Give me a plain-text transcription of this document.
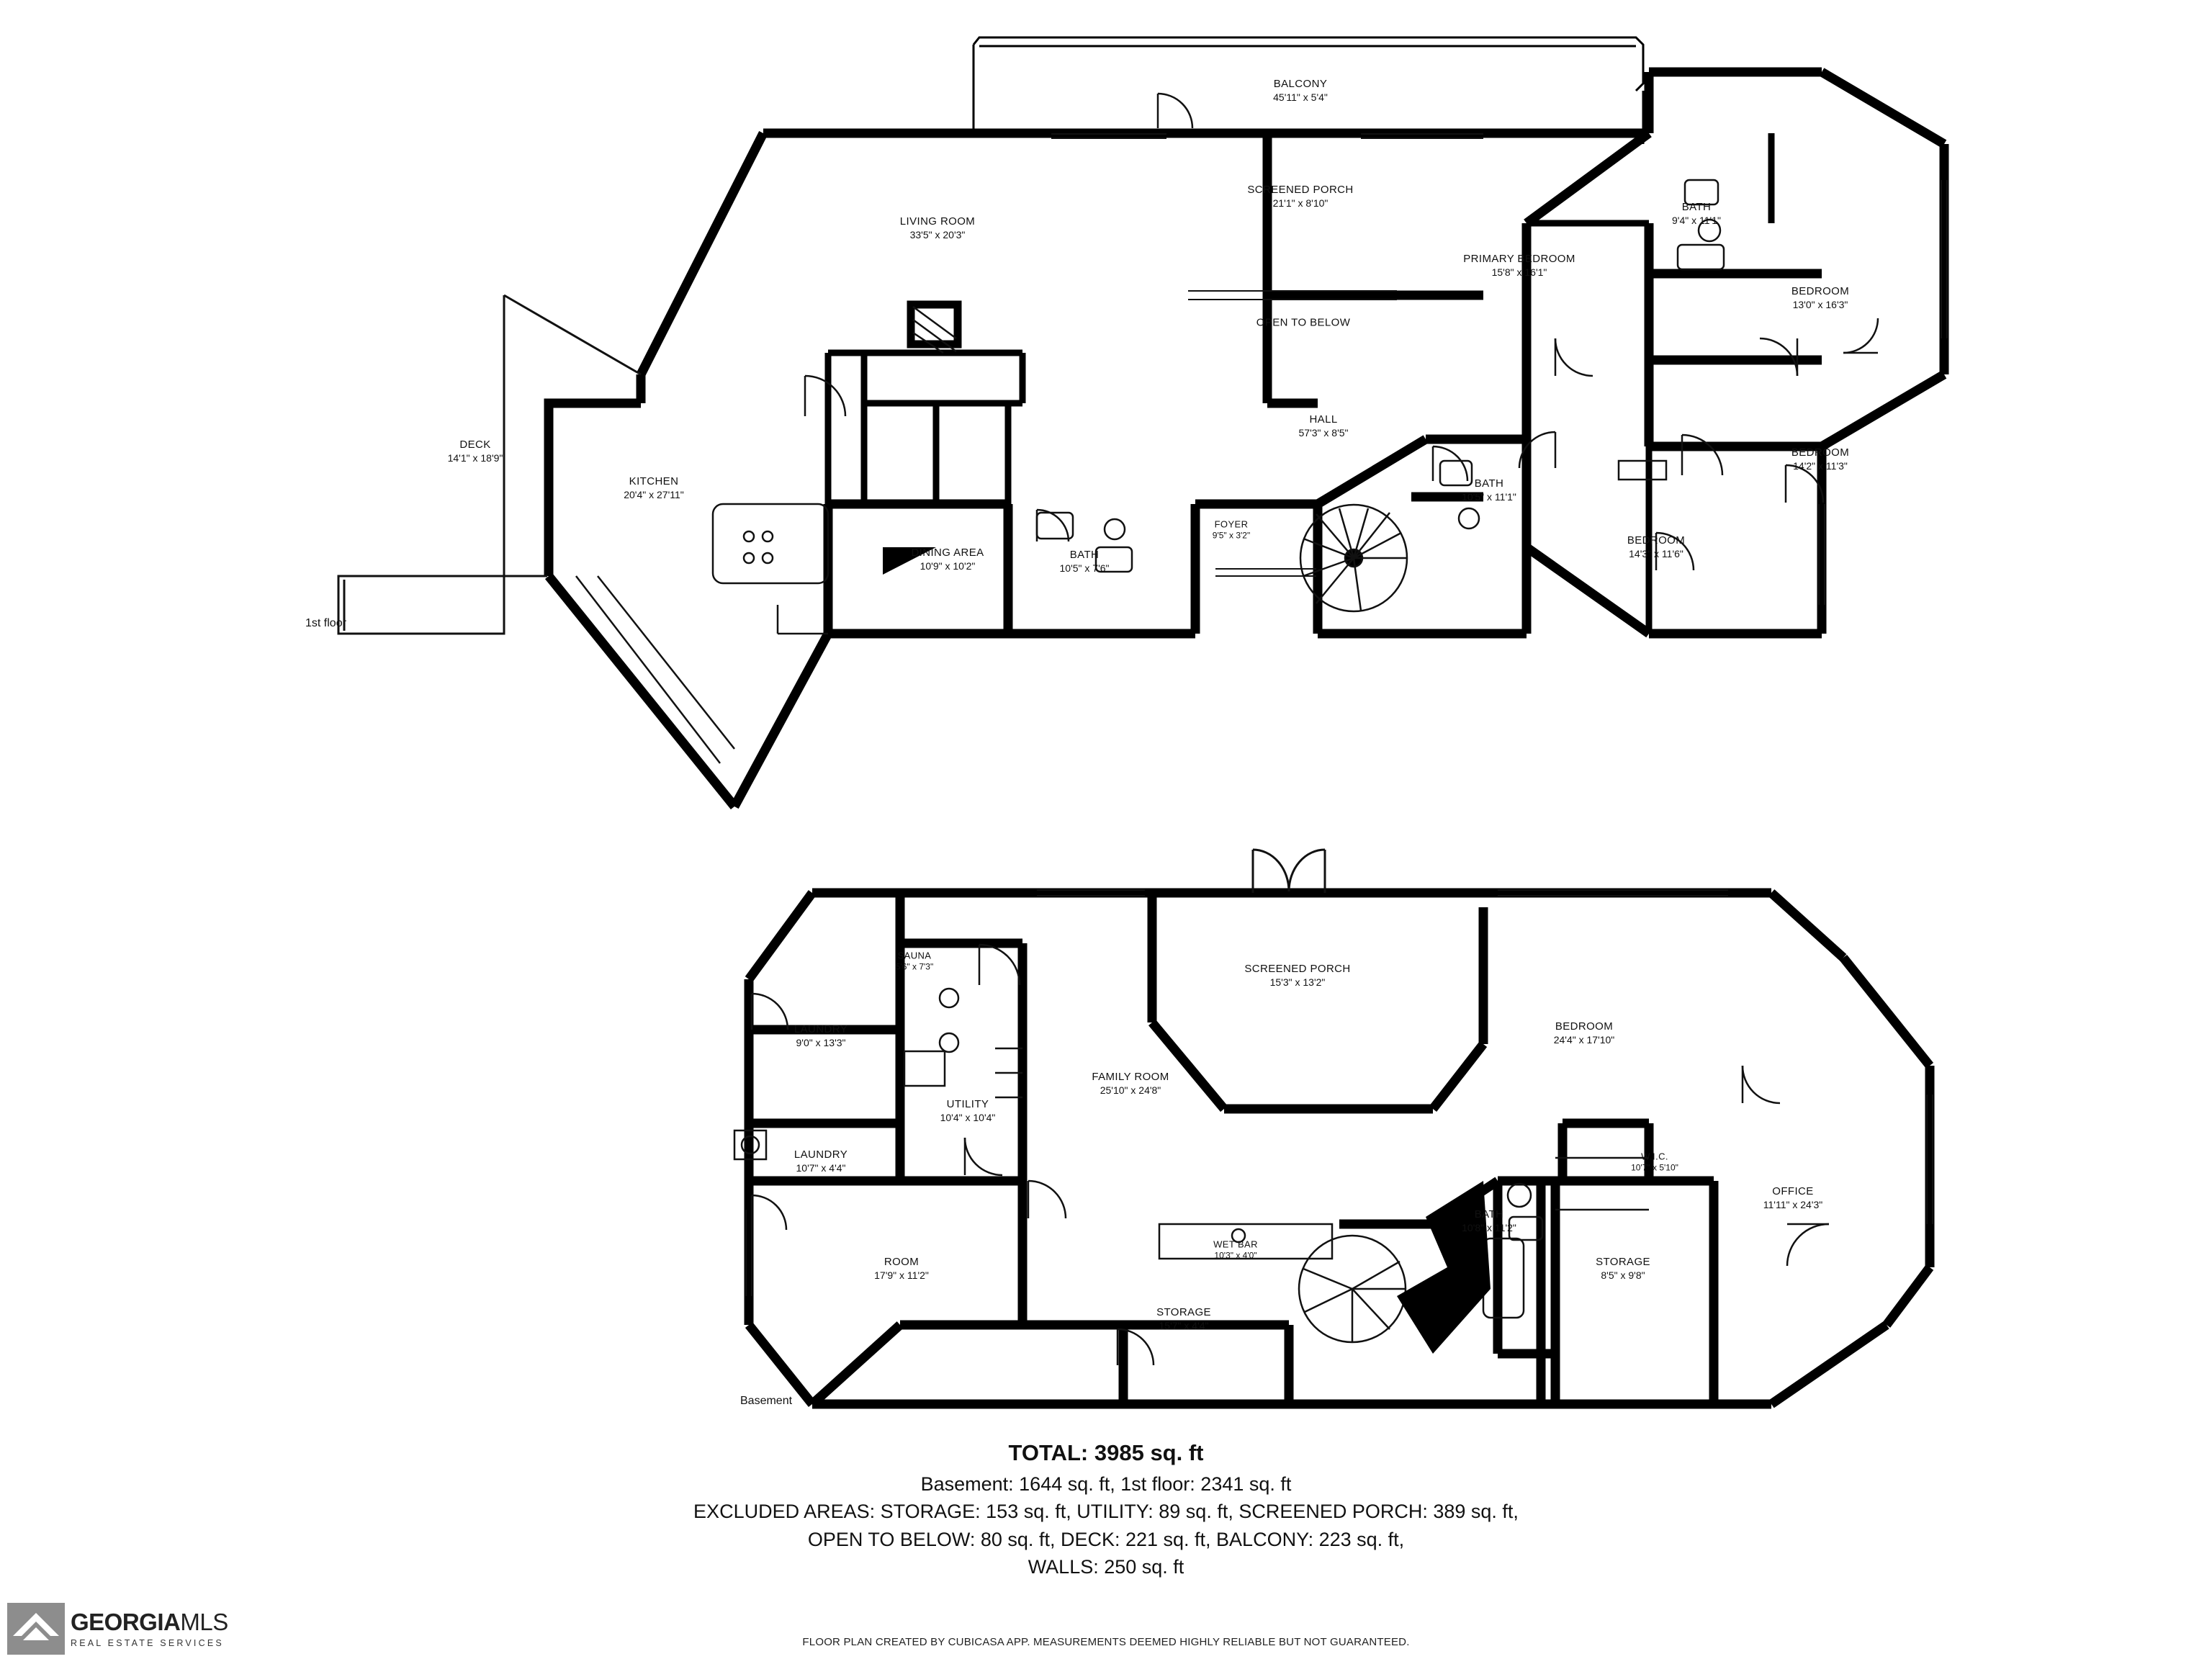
BALCONY
45'11" x 5'4"
SCREENED PORCH
21'1" x 8'10"
LIVING ROOM
33'5" x 20'3"
BATH
9'4" x 11'1"
PRIMARY BEDROOM
15'8" x 16'1"
BEDROOM
13'0" x 16'3"
OPEN TO BELOW
DECK
14'1" x 18'9"
HALL
57'3" x 8'5"
BEDROOM
14'2" x 11'3"
KITCHEN
20'4" x 27'11"
BATH
10'5" x 11'1"
BEDROOM
14'3" x 11'6"
DINING AREA
10'9" x 10'2"
BATH
10'5" x 7'6"
FOYER
9'5" x 3'2"
SAUNA
5'6" x 7'3"	SCREENED PORCH
15'3" x 13'2"
LAUNDRY
9'0" x 13'3"
BEDROOM
24'4" x 17'10"
FAMILY ROOM
25'10" x 24'8"
UTILITY
10'4" x 10'4"
LAUNDRY
10'7" x 4'4"
W.I.C.
10'7" x 5'10"
OFFICE
11'11" x 24'3"
BATH
10'8" x 11'2"
WET BAR
10'3" x 4'0"
ROOM
17'9" x 11'2"
STORAGE
8'5" x 9'8"
STORAGE
15'7" x 4'4"
1st floor
Basement
TOTAL: 3985 sq. ft
Basement: 1644 sq. ft, 1st floor: 2341 sq. ft
EXCLUDED AREAS: STORAGE: 153 sq. ft, UTILITY: 89 sq. ft, SCREENED PORCH: 389 sq. ft,
OPEN TO BELOW: 80 sq. ft, DECK: 221 sq. ft, BALCONY: 223 sq. ft,
WALLS: 250 sq. ft
FLOOR PLAN CREATED BY CUBICASA APP. MEASUREMENTS DEEMED HIGHLY RELIABLE BUT NOT GUARANTEED.
GEORGIAMLS
REAL ESTATE SERVICES
